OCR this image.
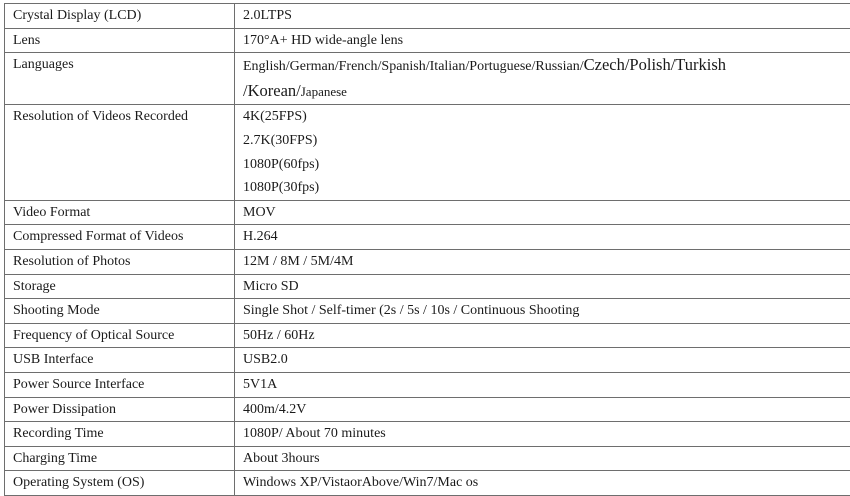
Crystal Display (LCD)	2.0LTPS

Lens	170°A+ HD wide-angle lens

Languages	English/German/French/Spanish/Italian/Portuguese/Russian/Czech/Polish/Turkish
/Korean/Japanese

Resolution of Videos Recorded	4K(25FPS)
2.7K(30FPS)
1080P(60fps)
1080P(30fps)

Video Format	MOV

Compressed Format of Videos	H.264

Resolution of Photos	12M / 8M / 5M/4M

Storage	Micro SD

Shooting Mode	Single Shot / Self-timer (2s / 5s / 10s / Continuous Shooting

Frequency of Optical Source	50Hz / 60Hz

USB Interface	USB2.0

Power Source Interface	5V1A

Power Dissipation	400m/4.2V

Recording Time	1080P/ About 70 minutes

Charging Time	About 3hours

Operating System (OS)	Windows XP/VistaorAbove/Win7/Mac os
